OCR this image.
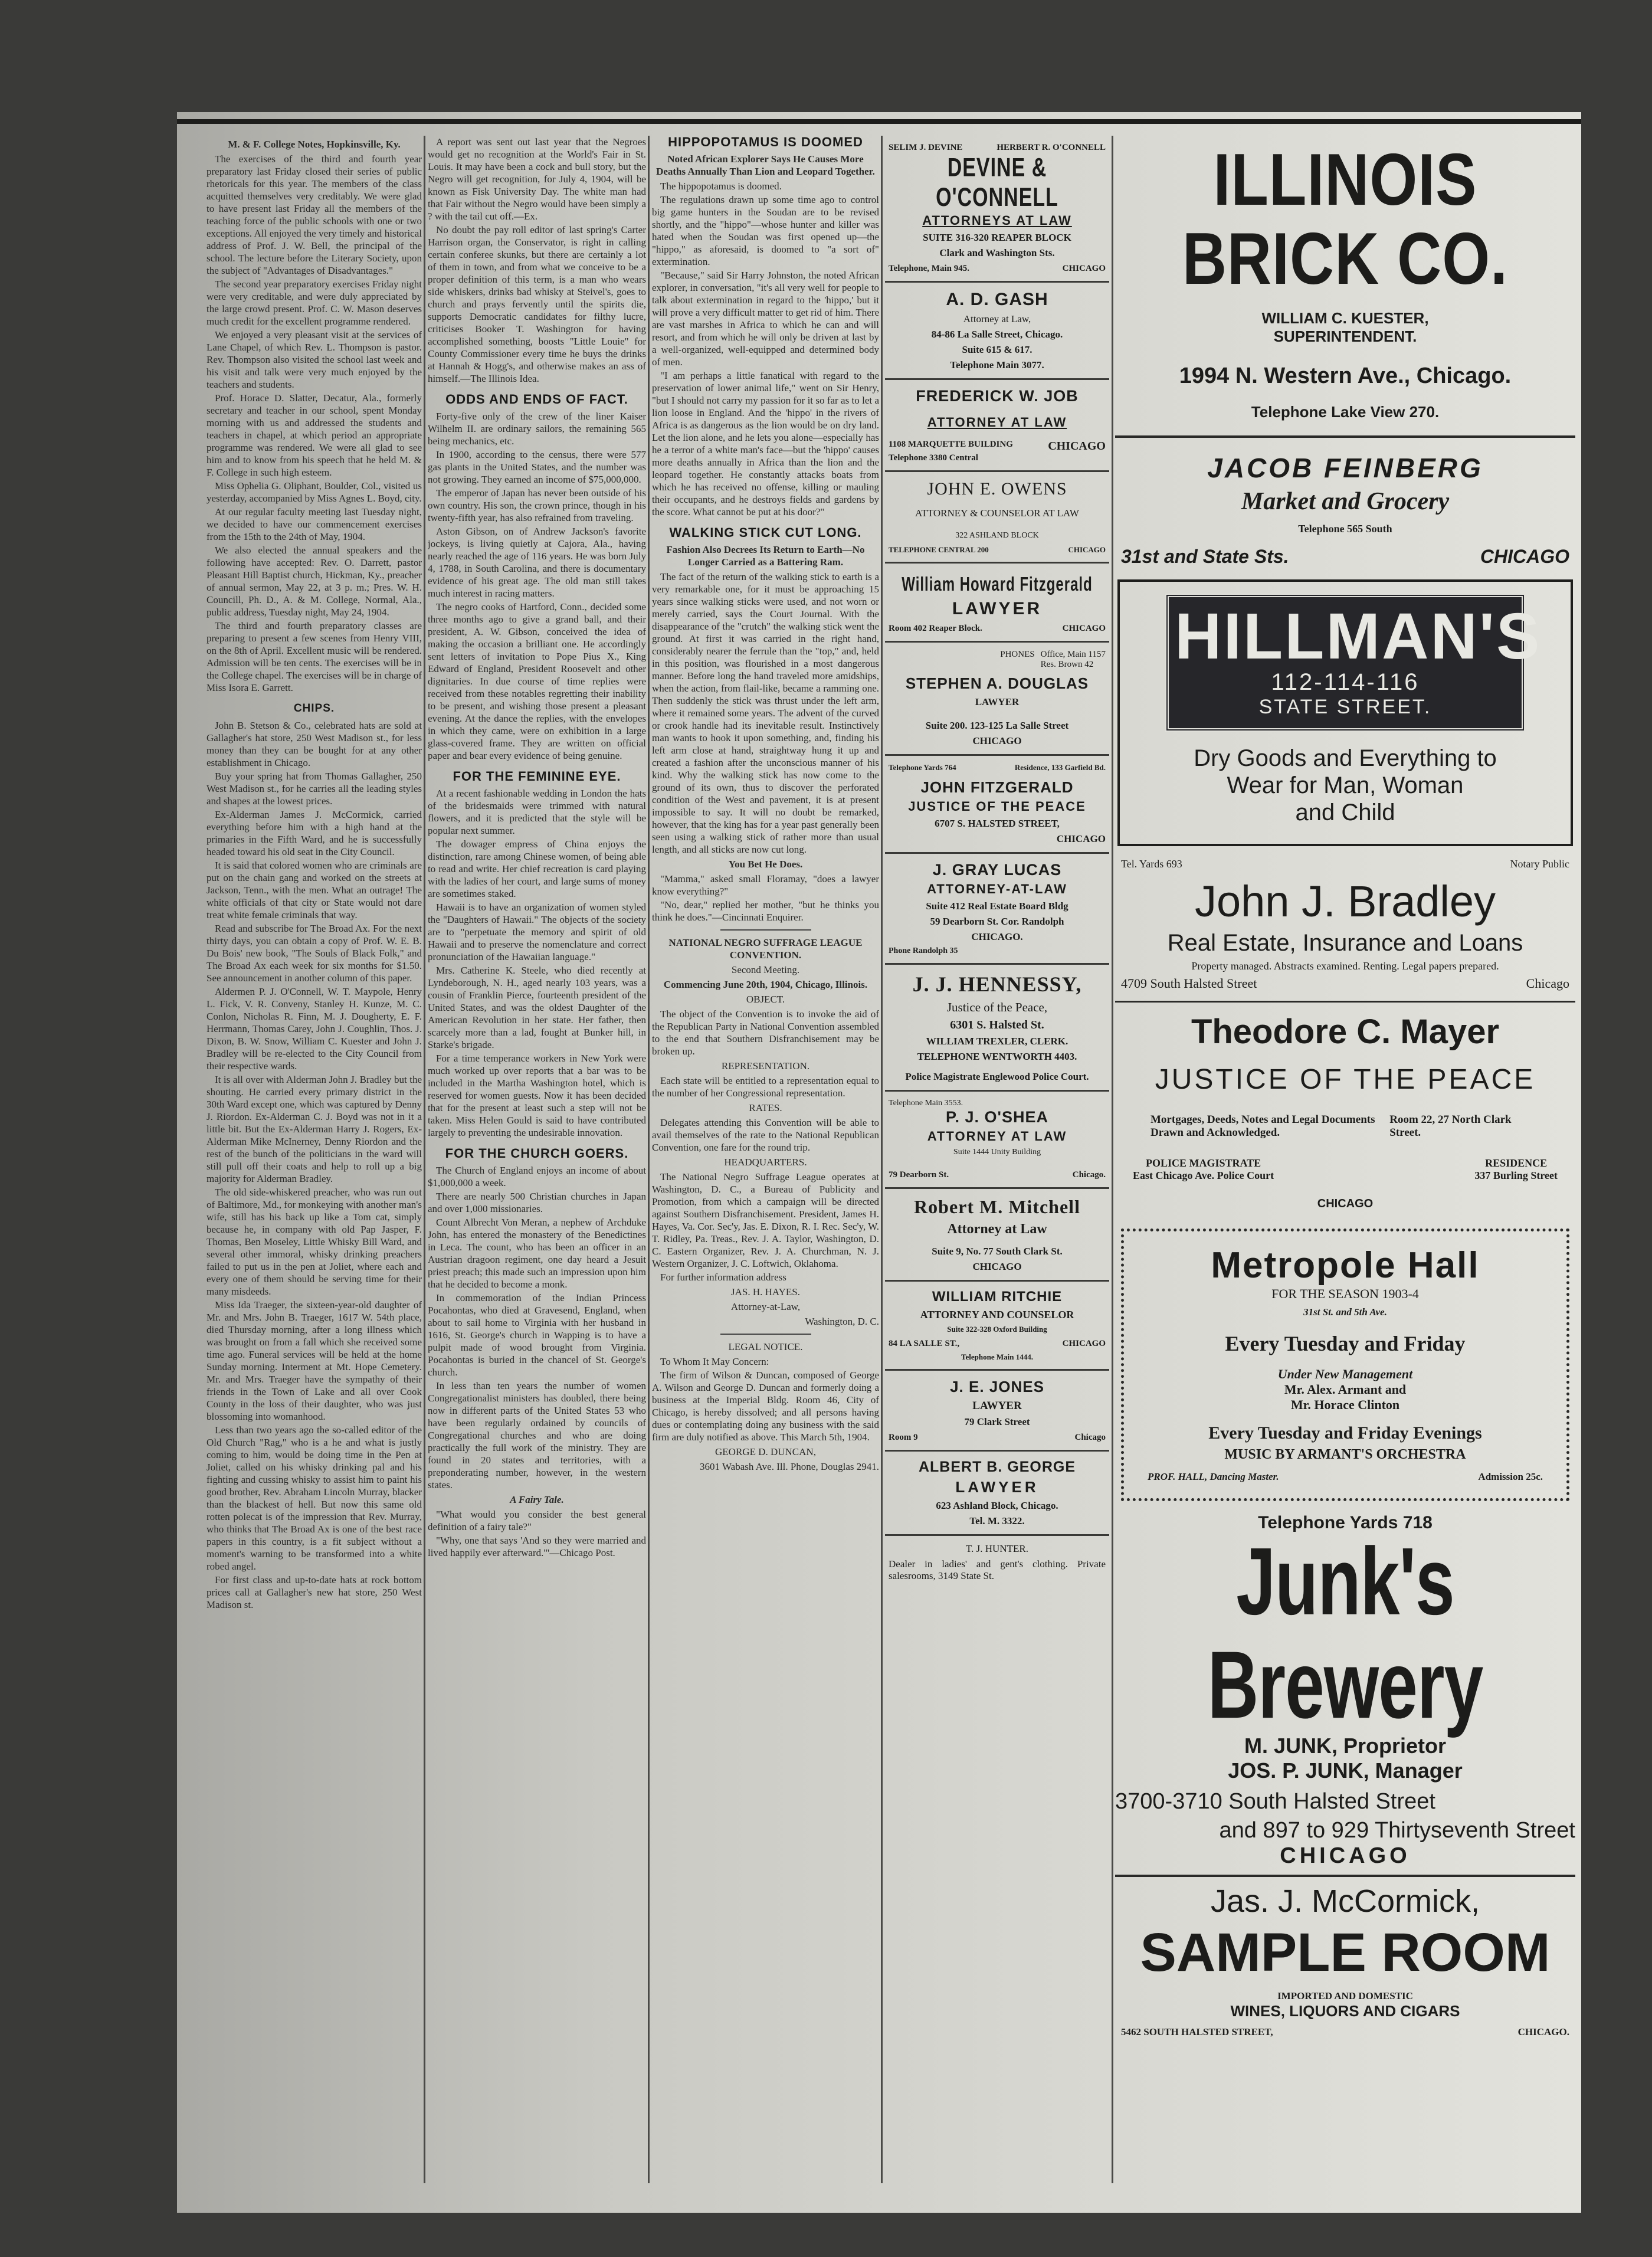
M. & F. College Notes, Hopkinsville, Ky.

The exercises of the third and fourth year preparatory last Friday closed their series of public rhetoricals for this year. The members of the class acquitted themselves very creditably. We were glad to have present last Friday all the members of the teaching force of the public schools with one or two exceptions. All enjoyed the very timely and historical address of Prof. J. W. Bell, the principal of the school. The lecture before the Literary Society, upon the subject of "Advantages of Disadvantages."

The second year preparatory exercises Friday night were very creditable, and were duly appreciated by the large crowd present. Prof. C. W. Mason deserves much credit for the excellent programme rendered.

We enjoyed a very pleasant visit at the services of Lane Chapel, of which Rev. L. Thompson is pastor. Rev. Thompson also visited the school last week and his visit and talk were very much enjoyed by the teachers and students.

Prof. Horace D. Slatter, Decatur, Ala., formerly secretary and teacher in our school, spent Monday morning with us and addressed the students and teachers in chapel, at which period an appropriate programme was rendered. We were all glad to see him and to know from his speech that he held M. & F. College in such high esteem.

Miss Ophelia G. Oliphant, Boulder, Col., visited us yesterday, accompanied by Miss Agnes L. Boyd, city.

At our regular faculty meeting last Tuesday night, we decided to have our commencement exercises from the 15th to the 24th of May, 1904.

We also elected the annual speakers and the following have accepted: Rev. O. Darrett, pastor Pleasant Hill Baptist church, Hickman, Ky., preacher of annual sermon, May 22, at 3 p. m.; Pres. W. H. Councill, Ph. D., A. & M. College, Normal, Ala., public address, Tuesday night, May 24, 1904.

The third and fourth preparatory classes are preparing to present a few scenes from Henry VIII, on the 8th of April. Excellent music will be rendered. Admission will be ten cents. The exercises will be in the College chapel. The exercises will be in charge of Miss Isora E. Garrett.

CHIPS.

John B. Stetson & Co., celebrated hats are sold at Gallagher's hat store, 250 West Madison st., for less money than they can be bought for at any other establishment in Chicago.

Buy your spring hat from Thomas Gallagher, 250 West Madison st., for he carries all the leading styles and shapes at the lowest prices.

Ex-Alderman James J. McCormick, carried everything before him with a high hand at the primaries in the Fifth Ward, and he is successfully headed toward his old seat in the City Council.

It is said that colored women who are criminals are put on the chain gang and worked on the streets at Jackson, Tenn., with the men. What an outrage! The white officials of that city or State would not dare treat white female criminals that way.

Read and subscribe for The Broad Ax. For the next thirty days, you can obtain a copy of Prof. W. E. B. Du Bois' new book, "The Souls of Black Folk," and The Broad Ax each week for six months for $1.50. See announcement in another column of this paper.

Aldermen P. J. O'Connell, W. T. Maypole, Henry L. Fick, V. R. Conveny, Stanley H. Kunze, M. C. Conlon, Nicholas R. Finn, M. J. Dougherty, E. F. Herrmann, Thomas Carey, John J. Coughlin, Thos. J. Dixon, B. W. Snow, William C. Kuester and John J. Bradley will be re-elected to the City Council from their respective wards.

It is all over with Alderman John J. Bradley but the shouting. He carried every primary district in the 30th Ward except one, which was captured by Denny J. Riordon. Ex-Alderman C. J. Boyd was not in it a little bit. But the Ex-Alderman Harry J. Rogers, Ex-Alderman Mike McInerney, Denny Riordon and the rest of the bunch of the politicians in the ward will still pull off their coats and help to roll up a big majority for Alderman Bradley.

The old side-whiskered preacher, who was run out of Baltimore, Md., for monkeying with another man's wife, still has his back up like a Tom cat, simply because he, in company with old Pap Jasper, F. Thomas, Ben Moseley, Little Whisky Bill Ward, and several other immoral, whisky drinking preachers failed to put us in the pen at Joliet, where each and every one of them should be serving time for their many misdeeds.

Miss Ida Traeger, the sixteen-year-old daughter of Mr. and Mrs. John B. Traeger, 1617 W. 54th place, died Thursday morning, after a long illness which was brought on from a fall which she received some time ago. Funeral services will be held at the home Sunday morning. Interment at Mt. Hope Cemetery. Mr. and Mrs. Traeger have the sympathy of their friends in the Town of Lake and all over Cook County in the loss of their daughter, who was just blossoming into womanhood.

Less than two years ago the so-called editor of the Old Church "Rag," who is a he and what is justly coming to him, would be doing time in the Pen at Joliet, called on his whisky drinking pal and his fighting and cussing whisky to assist him to paint his good brother, Rev. Abraham Lincoln Murray, blacker than the blackest of hell. But now this same old rotten polecat is of the impression that Rev. Murray, who thinks that The Broad Ax is one of the best race papers in this country, is a fit subject without a moment's warning to be transformed into a white robed angel.

For first class and up-to-date hats at rock bottom prices call at Gallagher's new hat store, 250 West Madison st.

A report was sent out last year that the Negroes would get no recognition at the World's Fair in St. Louis. It may have been a cock and bull story, but the Negro will get recognition, for July 4, 1904, will be known as Fisk University Day. The white man had that Fair without the Negro would have been simply a ? with the tail cut off.—Ex.

No doubt the pay roll editor of last spring's Carter Harrison organ, the Conservator, is right in calling certain conferee skunks, but there are certainly a lot of them in town, and from what we conceive to be a proper definition of this term, is a man who wears side whiskers, drinks bad whisky at Steivel's, goes to church and prays fervently until the spirits die, supports Democratic candidates for filthy lucre, criticises Booker T. Washington for having accomplished something, boosts "Little Louie" for County Commissioner every time he buys the drinks at Hannah & Hogg's, and otherwise makes an ass of himself.—The Illinois Idea.

ODDS AND ENDS OF FACT.

Forty-five only of the crew of the liner Kaiser Wilhelm II. are ordinary sailors, the remaining 565 being mechanics, etc.

In 1900, according to the census, there were 577 gas plants in the United States, and the number was not growing. They earned an income of $75,000,000.

The emperor of Japan has never been outside of his own country. His son, the crown prince, though in his twenty-fifth year, has also refrained from traveling.

Aston Gibson, on of Andrew Jackson's favorite jockeys, is living quietly at Cajora, Ala., having nearly reached the age of 116 years. He was born July 4, 1788, in South Carolina, and there is documentary evidence of his great age. The old man still takes much interest in racing matters.

The negro cooks of Hartford, Conn., decided some three months ago to give a grand ball, and their president, A. W. Gibson, conceived the idea of making the occasion a brilliant one. He accordingly sent letters of invitation to Pope Pius X., King Edward of England, President Roosevelt and other dignitaries. In due course of time replies were received from these notables regretting their inability to be present, and wishing those present a pleasant evening. At the dance the replies, with the envelopes in which they came, were on exhibition in a large glass-covered frame. They are written on official paper and bear every evidence of being genuine.

FOR THE FEMININE EYE.

At a recent fashionable wedding in London the hats of the bridesmaids were trimmed with natural flowers, and it is predicted that the style will be popular next summer.

The dowager empress of China enjoys the distinction, rare among Chinese women, of being able to read and write. Her chief recreation is card playing with the ladies of her court, and large sums of money are sometimes staked.

Hawaii is to have an organization of women styled the "Daughters of Hawaii." The objects of the society are to "perpetuate the memory and spirit of old Hawaii and to preserve the nomenclature and correct pronunciation of the Hawaiian language."

Mrs. Catherine K. Steele, who died recently at Lyndeborough, N. H., aged nearly 103 years, was a cousin of Franklin Pierce, fourteenth president of the United States, and was the oldest Daughter of the American Revolution in her state. Her father, then scarcely more than a lad, fought at Bunker hill, in Starke's brigade.

For a time temperance workers in New York were much worked up over reports that a bar was to be included in the Martha Washington hotel, which is reserved for women guests. Now it has been decided that for the present at least such a step will not be taken. Miss Helen Gould is said to have contributed largely to preventing the undesirable innovation.

FOR THE CHURCH GOERS.

The Church of England enjoys an income of about $1,000,000 a week.

There are nearly 500 Christian churches in Japan and over 1,000 missionaries.

Count Albrecht Von Meran, a nephew of Archduke John, has entered the monastery of the Benedictines in Leca. The count, who has been an officer in an Austrian dragoon regiment, one day heard a Jesuit priest preach; this made such an impression upon him that he decided to become a monk.

In commemoration of the Indian Princess Pocahontas, who died at Gravesend, England, when about to sail home to Virginia with her husband in 1616, St. George's church in Wapping is to have a pulpit made of wood brought from Virginia. Pocahontas is buried in the chancel of St. George's church.

In less than ten years the number of women Congregationalist ministers has doubled, there being now in different parts of the United States 53 who have been regularly ordained by councils of Congregational churches and who are doing practically the full work of the ministry. They are found in 20 states and territories, with a preponderating number, however, in the western states.

A Fairy Tale.

"What would you consider the best general definition of a fairy tale?"

"Why, one that says 'And so they were married and lived happily ever afterward.'"—Chicago Post.

HIPPOPOTAMUS IS DOOMED
Noted African Explorer Says He Causes More Deaths Annually Than Lion and Leopard Together.

The hippopotamus is doomed.

The regulations drawn up some time ago to control big game hunters in the Soudan are to be revised shortly, and the "hippo"—whose hunter and killer was hated when the Soudan was first opened up—the "hippo," as aforesaid, is doomed to "a sort of" extermination.

"Because," said Sir Harry Johnston, the noted African explorer, in conversation, "it's all very well for people to talk about extermination in regard to the 'hippo,' but it will prove a very difficult matter to get rid of him. There are vast marshes in Africa to which he can and will resort, and from which he will only be driven at last by a well-organized, well-equipped and determined body of men.

"I am perhaps a little fanatical with regard to the preservation of lower animal life," went on Sir Henry, "but I should not carry my passion for it so far as to let a lion loose in England. And the 'hippo' in the rivers of Africa is as dangerous as the lion would be on dry land. Let the lion alone, and he lets you alone—especially has he a terror of a white man's face—but the 'hippo' causes more deaths annually in Africa than the lion and the leopard together. He constantly attacks boats from which he has received no offense, killing or mauling their occupants, and he destroys fields and gardens by the score. What cannot be put at his door?"

WALKING STICK CUT LONG.
Fashion Also Decrees Its Return to Earth—No Longer Carried as a Battering Ram.

The fact of the return of the walking stick to earth is a very remarkable one, for it must be approaching 15 years since walking sticks were used, and not worn or merely carried, says the Court Journal. With the disappearance of the "crutch" the walking stick went the ground. At first it was carried in the right hand, considerably nearer the ferrule than the "top," and, held in this position, was flourished in a most dangerous manner. Before long the hand traveled more amidships, when the action, from flail-like, became a ramming one. Then suddenly the stick was thrust under the left arm, where it remained some years. The advent of the curved or crook handle had its inevitable result. Instinctively man wants to hook it upon something, and, finding his left arm close at hand, straightway hung it up and created a fashion after the unconscious manner of his kind. Why the walking stick has now come to the ground of its own, thus to discover the perforated condition of the West and pavement, it is at present impossible to say. It will no doubt be remarked, however, that the king has for a year past generally been seen using a walking stick of rather more than usual length, and all sticks are now cut long.

You Bet He Does.

"Mamma," asked small Floramay, "does a lawyer know everything?"

"No, dear," replied her mother, "but he thinks you think he does."—Cincinnati Enquirer.

NATIONAL NEGRO SUFFRAGE LEAGUE CONVENTION.
Second Meeting.
Commencing June 20th, 1904, Chicago, Illinois.
OBJECT.

The object of the Convention is to invoke the aid of the Republican Party in National Convention assembled to the end that Southern Disfranchisement may be broken up.

REPRESENTATION.

Each state will be entitled to a representation equal to the number of her Congressional representation.

RATES.

Delegates attending this Convention will be able to avail themselves of the rate to the National Republican Convention, one fare for the round trip.

HEADQUARTERS.

The National Negro Suffrage League operates at Washington, D. C., a Bureau of Publicity and Promotion, from which a campaign will be directed against Southern Disfranchisement. President, James H. Hayes, Va. Cor. Sec'y, Jas. E. Dixon, R. I. Rec. Sec'y, W. T. Ridley, Pa. Treas., Rev. J. A. Taylor, Washington, D. C. Eastern Organizer, Rev. J. A. Churchman, N. J. Western Organizer, J. C. Loftwich, Oklahoma.

For further information address

JAS. H. HAYES.
Attorney-at-Law,
Washington, D. C.
LEGAL NOTICE.

To Whom It May Concern:

The firm of Wilson & Duncan, composed of George A. Wilson and George D. Duncan and formerly doing a business at the Imperial Bldg. Room 46, City of Chicago, is hereby dissolved; and all persons having dues or contemplating doing any business with the said firm are duly notified as above. This March 5th, 1904.

GEORGE D. DUNCAN,
3601 Wabash Ave. Ill. Phone, Douglas 2941.
SELIM J. DEVINE	HERBERT R. O'CONNELL
DEVINE & O'CONNELL
ATTORNEYS AT LAW
SUITE 316-320 REAPER BLOCK
Clark and Washington Sts.
Telephone, Main 945.	CHICAGO
A. D. GASH
Attorney at Law,
84-86 La Salle Street, Chicago.
Suite 615 & 617.
Telephone Main 3077.
FREDERICK W. JOB
ATTORNEY AT LAW
1108 MARQUETTE BUILDING	CHICAGO
Telephone 3380 Central
JOHN E. OWENS
ATTORNEY & COUNSELOR AT LAW
322 ASHLAND BLOCK
TELEPHONE CENTRAL 200	CHICAGO
William Howard Fitzgerald
LAWYER
Room 402 Reaper Block.	CHICAGO
PHONES Office, Main 1157
Res. Brown 42
STEPHEN A. DOUGLAS
LAWYER
Suite 200. 123-125 La Salle Street
CHICAGO
Telephone Yards 764	Residence, 133 Garfield Bd.
JOHN FITZGERALD
JUSTICE OF THE PEACE
6707 S. HALSTED STREET,
CHICAGO
J. GRAY LUCAS
ATTORNEY-AT-LAW
Suite 412 Real Estate Board Bldg
59 Dearborn St. Cor. Randolph
CHICAGO.
Phone Randolph 35
J. J. HENNESSY,
Justice of the Peace,
6301 S. Halsted St.
WILLIAM TREXLER, CLERK.
TELEPHONE WENTWORTH 4403.
Police Magistrate Englewood Police Court.
Telephone Main 3553.
P. J. O'SHEA
ATTORNEY AT LAW
Suite 1444 Unity Building
79 Dearborn St.	Chicago.
Robert M. Mitchell
Attorney at Law
Suite 9, No. 77 South Clark St.
CHICAGO
WILLIAM RITCHIE
ATTORNEY AND COUNSELOR
Suite 322-328 Oxford Building
84 LA SALLE ST.,	CHICAGO
Telephone Main 1444.
J. E. JONES
LAWYER
79 Clark Street
Room 9	Chicago
ALBERT B. GEORGE
LAWYER
623 Ashland Block, Chicago.
Tel. M. 3322.
T. J. HUNTER.
Dealer in ladies' and gent's clothing. Private salesrooms, 3149 State St.
ILLINOIS BRICK CO.
WILLIAM C. KUESTER,
SUPERINTENDENT.
1994 N. Western Ave., Chicago.
Telephone Lake View 270.
JACOB FEINBERG
Market and Grocery
Telephone 565 South
31st and State Sts.	CHICAGO
HILLMAN'S
112-114-116
STATE STREET.
Dry Goods and Everything to
Wear for Man, Woman
and Child
Tel. Yards 693	Notary Public
John J. Bradley
Real Estate, Insurance and Loans
Property managed. Abstracts examined. Renting. Legal papers prepared.
4709 South Halsted Street	Chicago
Theodore C. Mayer
JUSTICE OF THE PEACE
Mortgages, Deeds, Notes and Legal Documents Drawn and Acknowledged.
Room 22, 27 North Clark Street.
POLICE MAGISTRATE
East Chicago Ave. Police Court
RESIDENCE
337 Burling Street
CHICAGO
Metropole Hall
FOR THE SEASON 1903-4
31st St. and 5th Ave.
Every Tuesday and Friday
Under New Management
Mr. Alex. Armant and
Mr. Horace Clinton
Every Tuesday and Friday Evenings
MUSIC BY ARMANT'S ORCHESTRA
PROF. HALL, Dancing Master.	Admission 25c.
Telephone Yards 718
Junk's Brewery
M. JUNK, Proprietor
JOS. P. JUNK, Manager
3700-3710 South Halsted Street
and 897 to 929 Thirtyseventh Street
CHICAGO
Jas. J. McCormick,
SAMPLE ROOM
IMPORTED AND DOMESTIC
WINES, LIQUORS AND CIGARS
5462 SOUTH HALSTED STREET,	CHICAGO.
